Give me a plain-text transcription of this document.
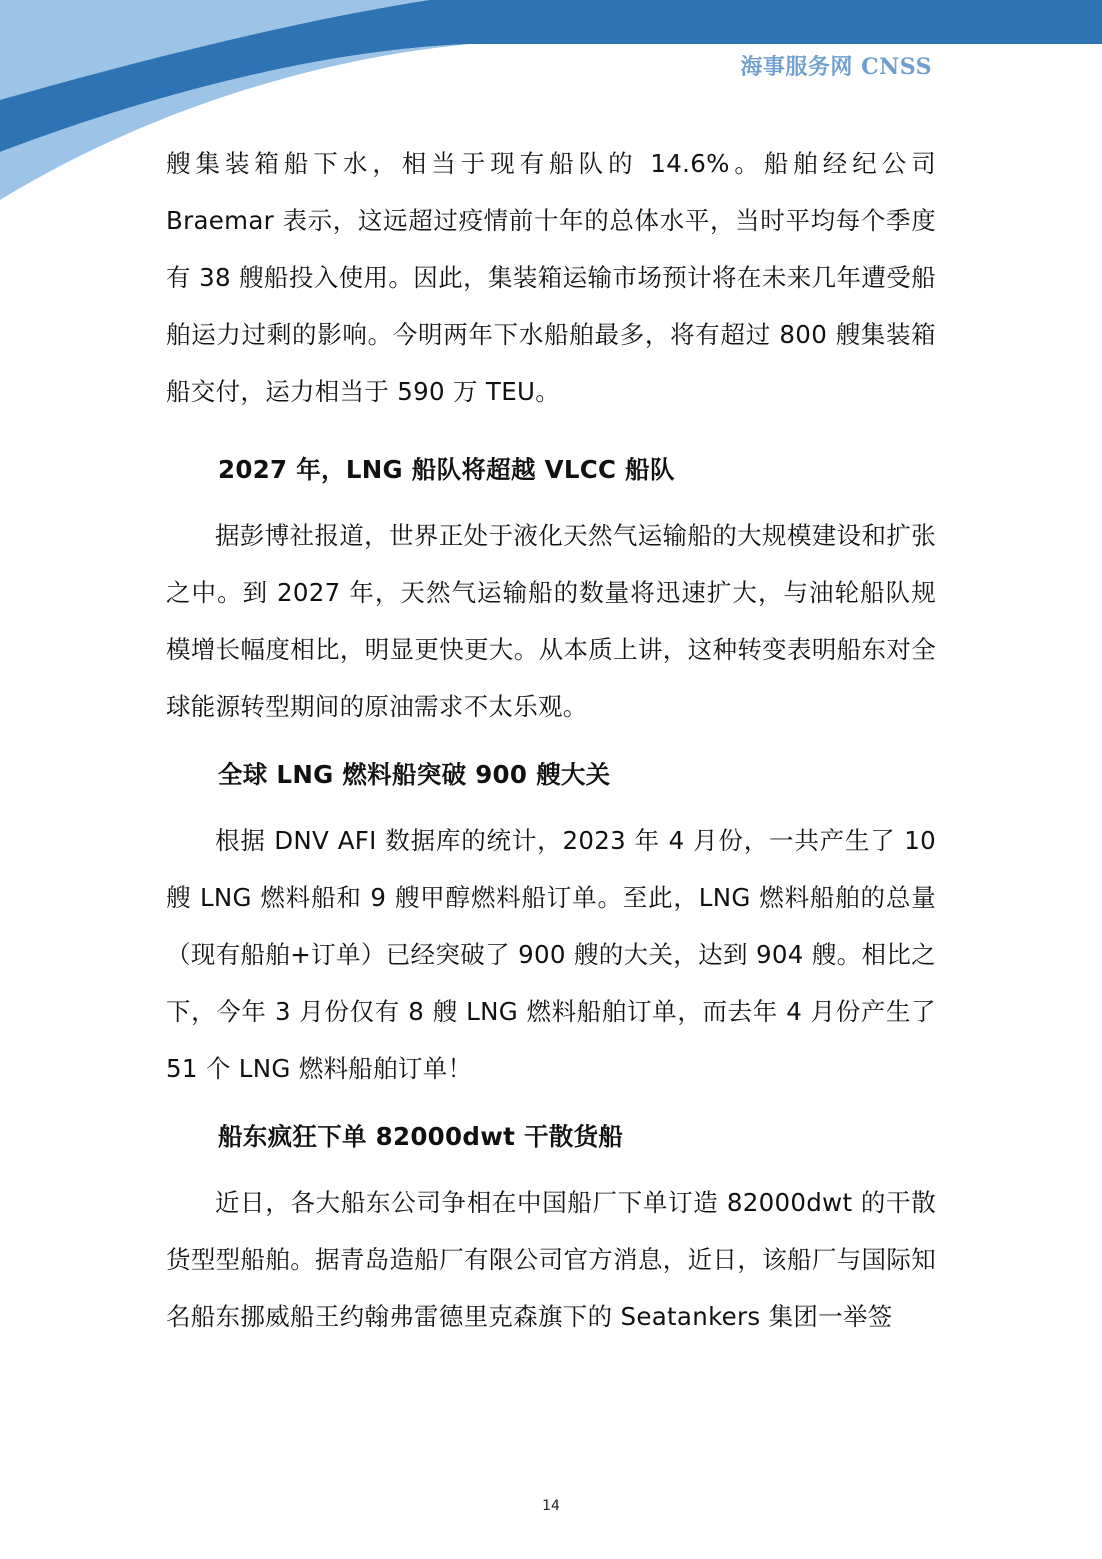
海事服务网 CNSS

艘集装箱船下水，相当于现有船队的 14.6%。船舶经纪公司 Braemar 表示，这远超过疫情前十年的总体水平，当时平均每个季度有 38 艘船投入使用。因此，集装箱运输市场预计将在未来几年遭受船舶运力过剩的影响。今明两年下水船舶最多，将有超过 800 艘集装箱船交付，运力相当于 590 万 TEU。

2027 年，LNG 船队将超越 VLCC 船队

据彭博社报道，世界正处于液化天然气运输船的大规模建设和扩张之中。到 2027 年，天然气运输船的数量将迅速扩大，与油轮船队规模增长幅度相比，明显更快更大。从本质上讲，这种转变表明船东对全球能源转型期间的原油需求不太乐观。

全球 LNG 燃料船突破 900 艘大关

根据 DNV AFI 数据库的统计，2023 年 4 月份，一共产生了 10 艘 LNG 燃料船和 9 艘甲醇燃料船订单。至此，LNG 燃料船舶的总量（现有船舶+订单）已经突破了 900 艘的大关，达到 904 艘。相比之下，今年 3 月份仅有 8 艘 LNG 燃料船舶订单，而去年 4 月份产生了 51 个 LNG 燃料船舶订单！

船东疯狂下单 82000dwt 干散货船

近日，各大船东公司争相在中国船厂下单订造 82000dwt 的干散货型型船舶。据青岛造船厂有限公司官方消息，近日，该船厂与国际知名船东挪威船王约翰弗雷德里克森旗下的 Seatankers 集团一举签

14
